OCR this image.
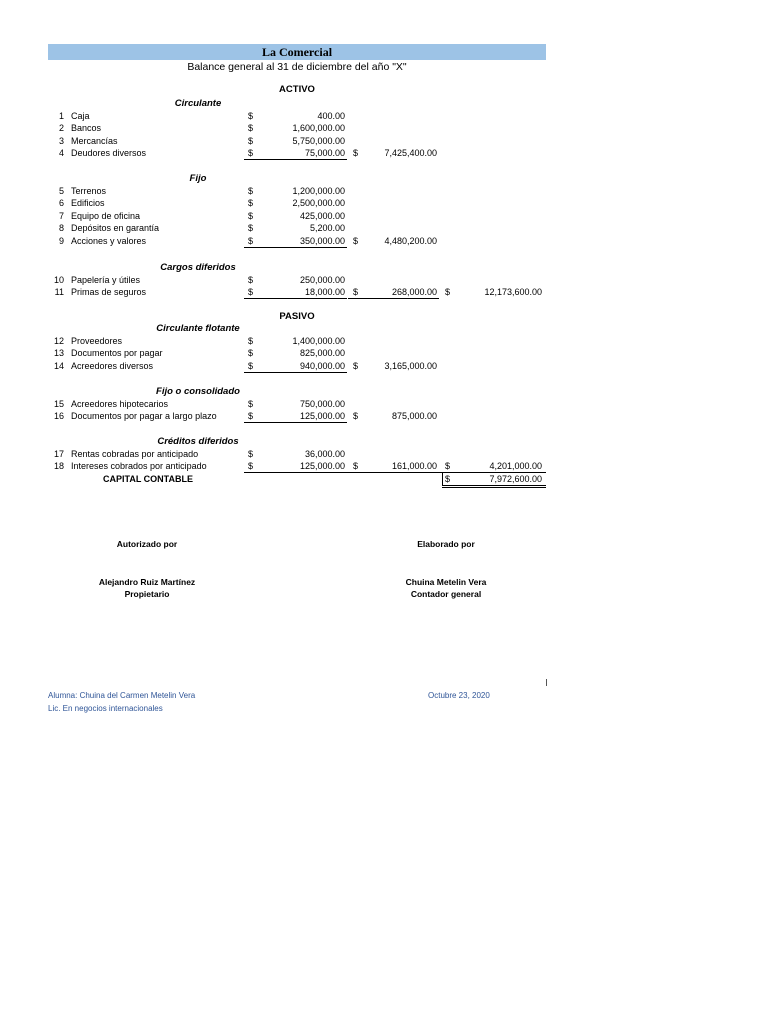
La Comercial
Balance general al 31 de diciembre del año "X"
ACTIVO
Circulante
1 Caja	$	400.00
2 Bancos	$	1,600,000.00
3 Mercancías	$	5,750,000.00
4 Deudores diversos	$	75,000.00 $	7,425,400.00
Fijo
5 Terrenos	$	1,200,000.00
6 Edificios	$	2,500,000.00
7 Equipo de oficina	$	425,000.00
8 Depósitos en garantía	$	5,200.00
9 Acciones y valores	$	350,000.00 $	4,480,200.00
Cargos diferidos
10 Papelería y útiles	$	250,000.00
11 Primas de seguros	$	18,000.00 $	268,000.00 $	12,173,600.00
PASIVO
Circulante flotante
12 Proveedores	$	1,400,000.00
13 Documentos por pagar	$	825,000.00
14 Acreedores diversos	$	940,000.00 $	3,165,000.00
Fijo o consolidado
15 Acreedores hipotecarios	$	750,000.00
16 Documentos por pagar a largo plazo	$	125,000.00 $	875,000.00
Créditos diferidos
17 Rentas cobradas por anticipado	$	36,000.00
18 Intereses cobrados por anticipado	$	125,000.00 $	161,000.00 $	4,201,000.00
CAPITAL CONTABLE	$	7,972,600.00
Autorizado por	Elaborado por
Alejandro Ruiz Martínez
Propietario
Chuina Metelin Vera
Contador general
Alumna: Chuina del Carmen Metelin Vera
Lic. En negocios internacionales
Octubre 23, 2020
